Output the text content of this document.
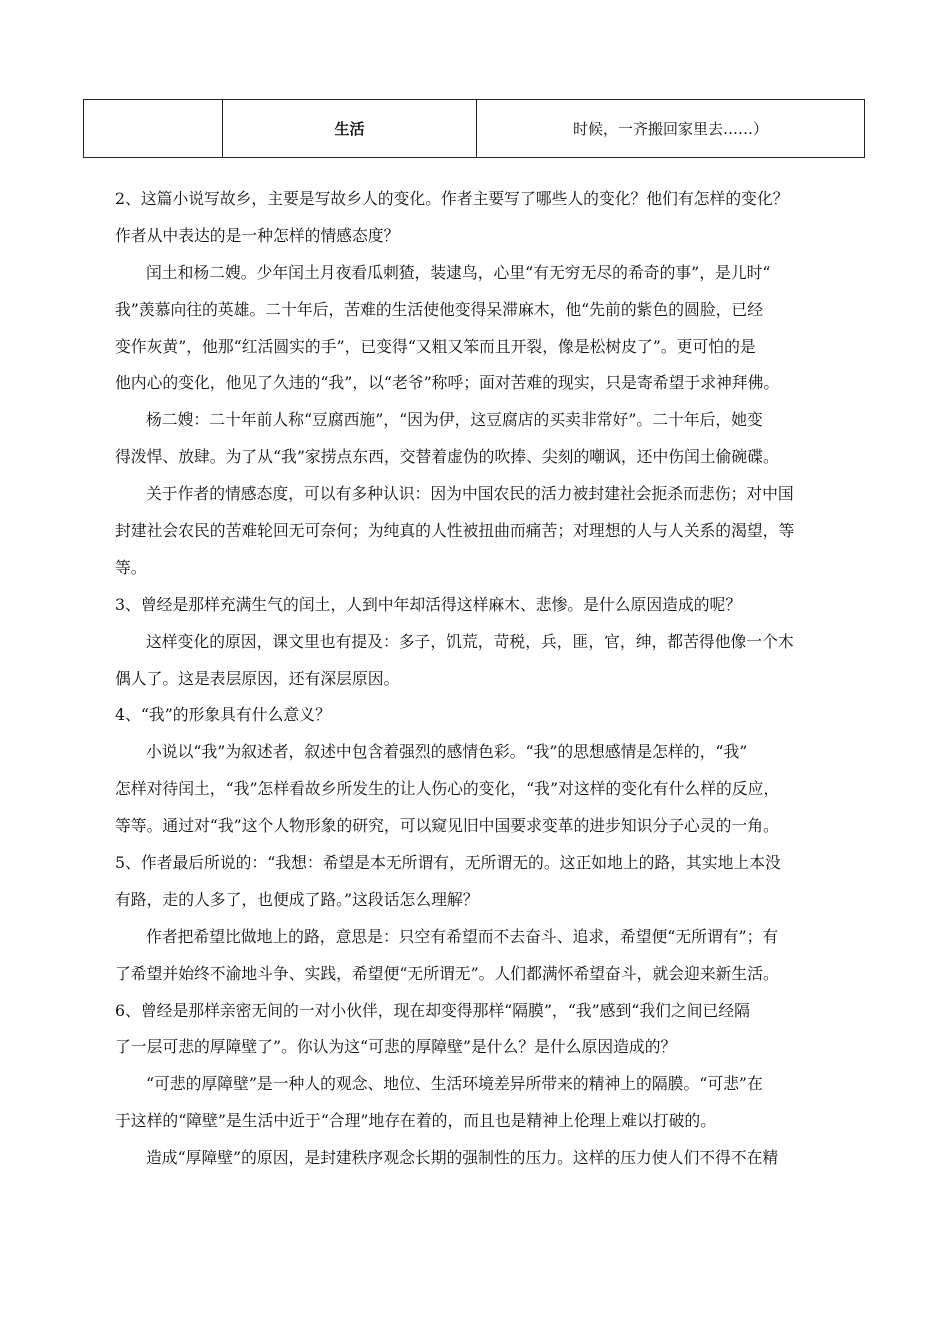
	生活	时候，一齐搬回家里去……）
2、这篇小说写故乡，主要是写故乡人的变化。作者主要写了哪些人的变化？他们有怎样的变化？
作者从中表达的是一种怎样的情感态度？
闰土和杨二嫂。少年闰土月夜看瓜刺猹，装逮鸟，心里“有无穷无尽的希奇的事”，是儿时“
我”羡慕向往的英雄。二十年后，苦难的生活使他变得呆滞麻木，他“先前的紫色的圆脸，已经
变作灰黄”，他那“红活圆实的手”，已变得“又粗又笨而且开裂，像是松树皮了”。更可怕的是
他内心的变化，他见了久违的“我”，以“老爷”称呼；面对苦难的现实，只是寄希望于求神拜佛。
杨二嫂：二十年前人称“豆腐西施”，“因为伊，这豆腐店的买卖非常好”。二十年后，她变
得泼悍、放肆。为了从“我”家捞点东西，交替着虚伪的吹捧、尖刻的嘲讽，还中伤闰土偷碗碟。
关于作者的情感态度，可以有多种认识：因为中国农民的活力被封建社会扼杀而悲伤；对中国
封建社会农民的苦难轮回无可奈何；为纯真的人性被扭曲而痛苦；对理想的人与人关系的渴望，等
等。
3、曾经是那样充满生气的闰土，人到中年却活得这样麻木、悲惨。是什么原因造成的呢？
这样变化的原因，课文里也有提及：多子，饥荒，苛税，兵，匪，官，绅，都苦得他像一个木
偶人了。这是表层原因，还有深层原因。
4、“我”的形象具有什么意义？
小说以“我”为叙述者，叙述中包含着强烈的感情色彩。“我”的思想感情是怎样的，“我”
怎样对待闰土，“我”怎样看故乡所发生的让人伤心的变化，“我”对这样的变化有什么样的反应，
等等。通过对“我”这个人物形象的研究，可以窥见旧中国要求变革的进步知识分子心灵的一角。
5、作者最后所说的：“我想：希望是本无所谓有，无所谓无的。这正如地上的路，其实地上本没
有路，走的人多了，也便成了路。”这段话怎么理解？
作者把希望比做地上的路，意思是：只空有希望而不去奋斗、追求，希望便“无所谓有”；有
了希望并始终不渝地斗争、实践，希望便“无所谓无”。人们都满怀希望奋斗，就会迎来新生活。
6、曾经是那样亲密无间的一对小伙伴，现在却变得那样“隔膜”，“我”感到“我们之间已经隔
了一层可悲的厚障壁了”。你认为这“可悲的厚障壁”是什么？是什么原因造成的？
“可悲的厚障壁”是一种人的观念、地位、生活环境差异所带来的精神上的隔膜。“可悲”在
于这样的“障壁”是生活中近于“合理”地存在着的，而且也是精神上伦理上难以打破的。
造成“厚障壁”的原因，是封建秩序观念长期的强制性的压力。这样的压力使人们不得不在精
